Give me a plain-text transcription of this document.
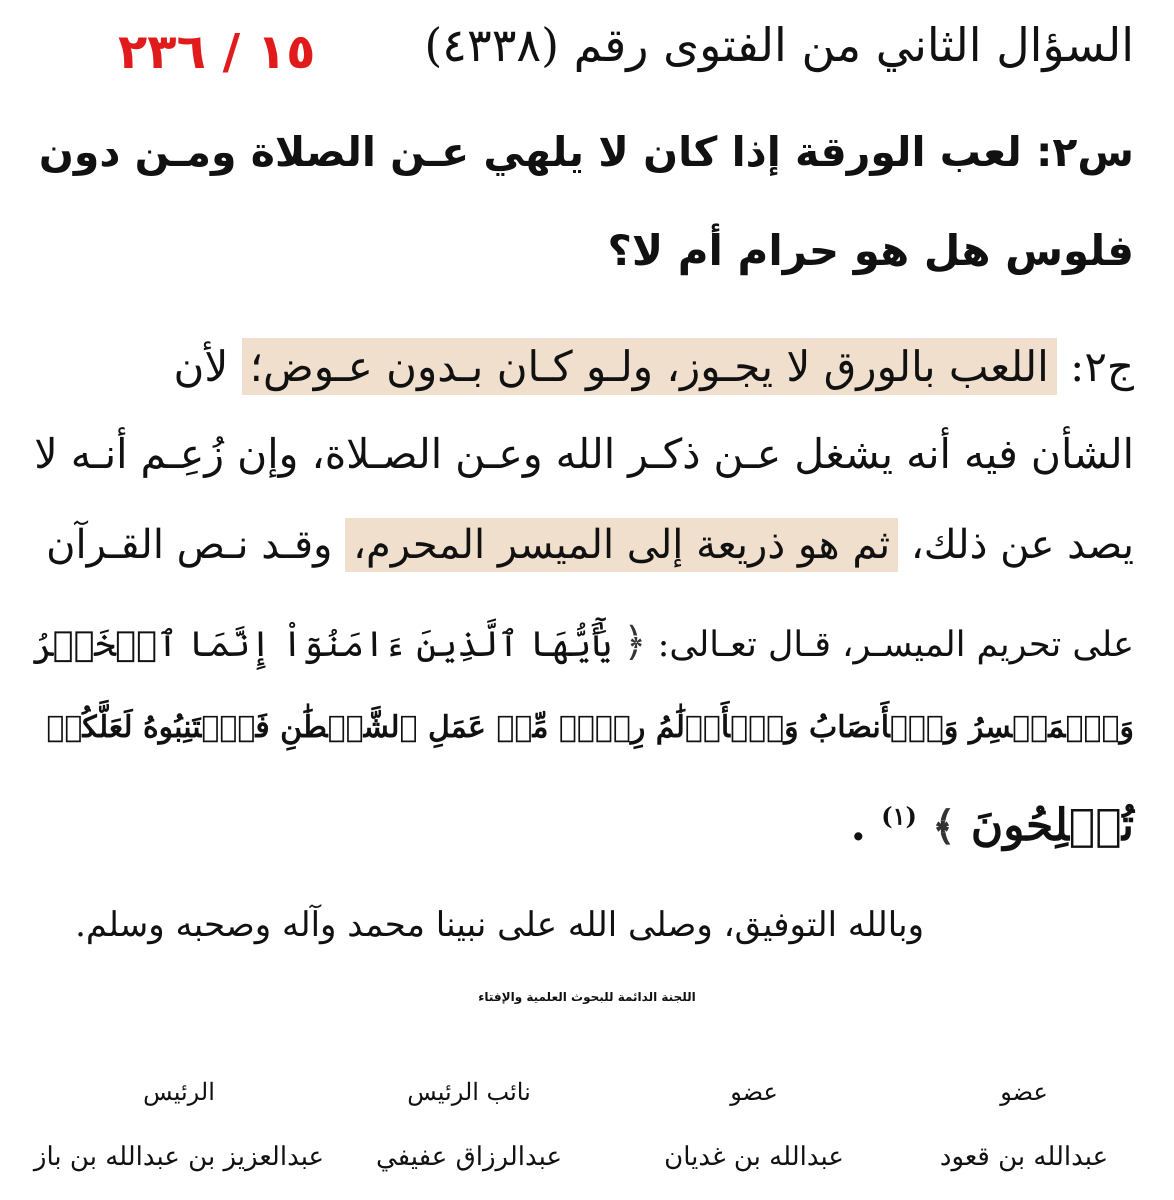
السؤال الثاني من الفتوى رقم (٤٣٣٨)
١٥ / ٢٣٦
س٢: لعب الورقة إذا كان لا يلهي عـن الصلاة ومـن دون
فلوس هل هو حرام أم لا؟
ج٢: اللعب بالورق لا يجـوز، ولـو كـان بـدون عـوض؛ لأن
الشأن فيه أنه يشغل عـن ذكـر الله وعـن الصـلاة، وإن زُعِـم أنـه لا
يصد عن ذلك، ثم هو ذريعة إلى الميسر المحرم، وقـد نـص القـرآن
على تحريم الميسـر، قـال تعـالى: ﴿ يَٰٓأَيُّهَا ٱلَّذِينَ ءَامَنُوٓاْ إِنَّمَا ٱلۡخَمۡرُ
وَٱلۡمَيۡسِرُ وَٱلۡأَنصَابُ وَٱلۡأَزۡلَٰمُ رِجۡسٞ مِّنۡ عَمَلِ ٱلشَّيۡطَٰنِ فَٱجۡتَنِبُوهُ لَعَلَّكُمۡ
تُفۡلِحُونَ ﴾ $^{(١)}$ .
وبالله التوفيق، وصلى الله على نبينا محمد وآله وصحبه وسلم.
اللجنة الدائمة للبحوث العلمية والإفتاء
عضو
عضو
نائب الرئيس
الرئيس
عبدالله بن قعود
عبدالله بن غديان
عبدالرزاق عفيفي
عبدالعزيز بن عبدالله بن باز
